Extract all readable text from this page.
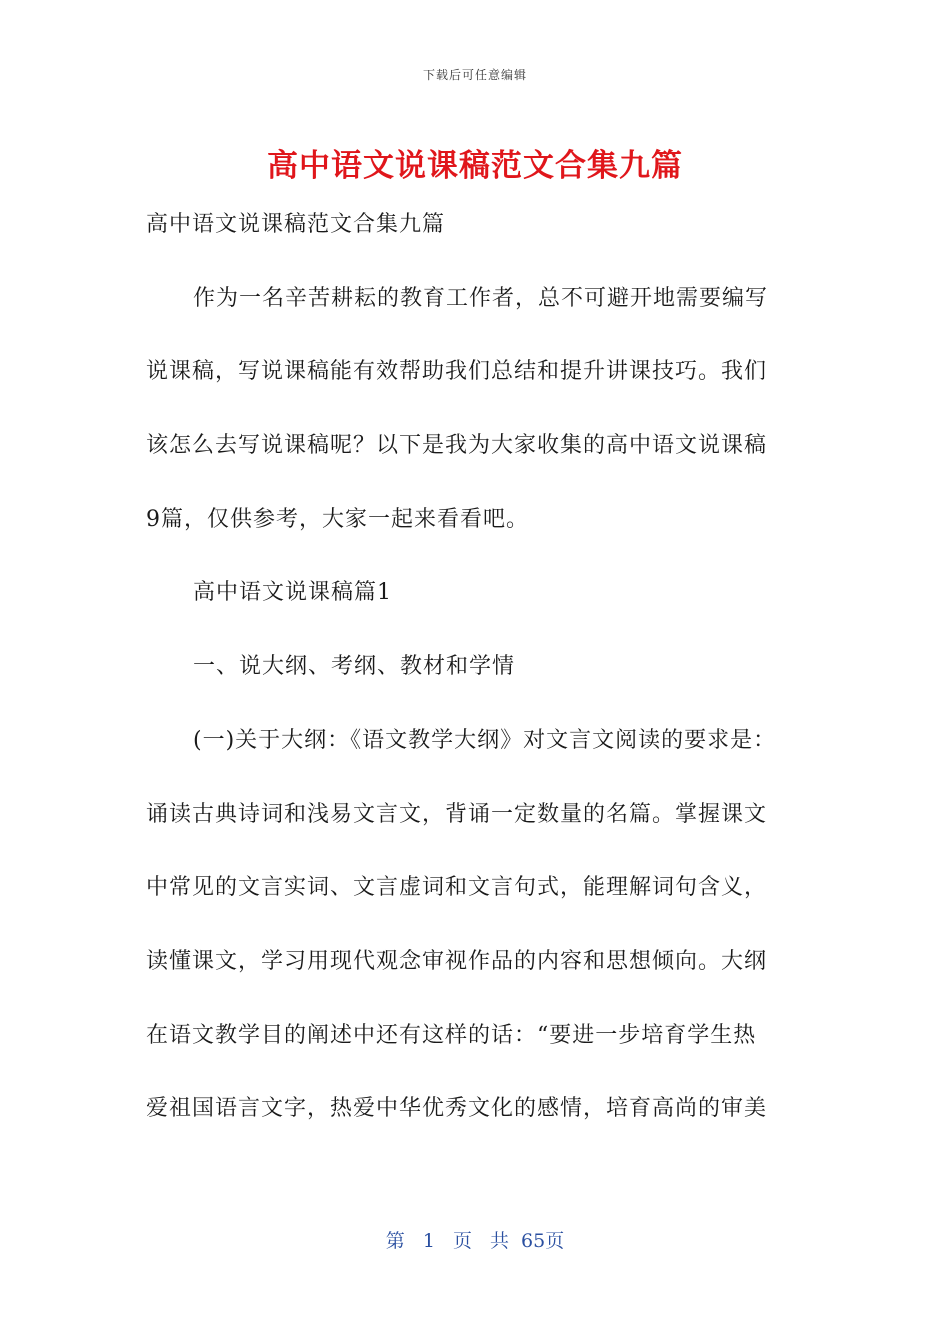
下载后可任意编辑
高中语文说课稿范文合集九篇
高中语文说课稿范文合集九篇
作为一名辛苦耕耘的教育工作者，总不可避开地需要编写
说课稿，写说课稿能有效帮助我们总结和提升讲课技巧。我们
该怎么去写说课稿呢？以下是我为大家收集的高中语文说课稿
9篇，仅供参考，大家一起来看看吧。
高中语文说课稿篇1
一、说大纲、考纲、教材和学情
(一)关于大纲：《语文教学大纲》对文言文阅读的要求是：
诵读古典诗词和浅易文言文，背诵一定数量的名篇。掌握课文
中常见的文言实词、文言虚词和文言句式，能理解词句含义，
读懂课文，学习用现代观念审视作品的内容和思想倾向。大纲
在语文教学目的阐述中还有这样的话：“要进一步培育学生热
爱祖国语言文字，热爱中华优秀文化的感情，培育高尚的审美
第 1 页 共 65页
